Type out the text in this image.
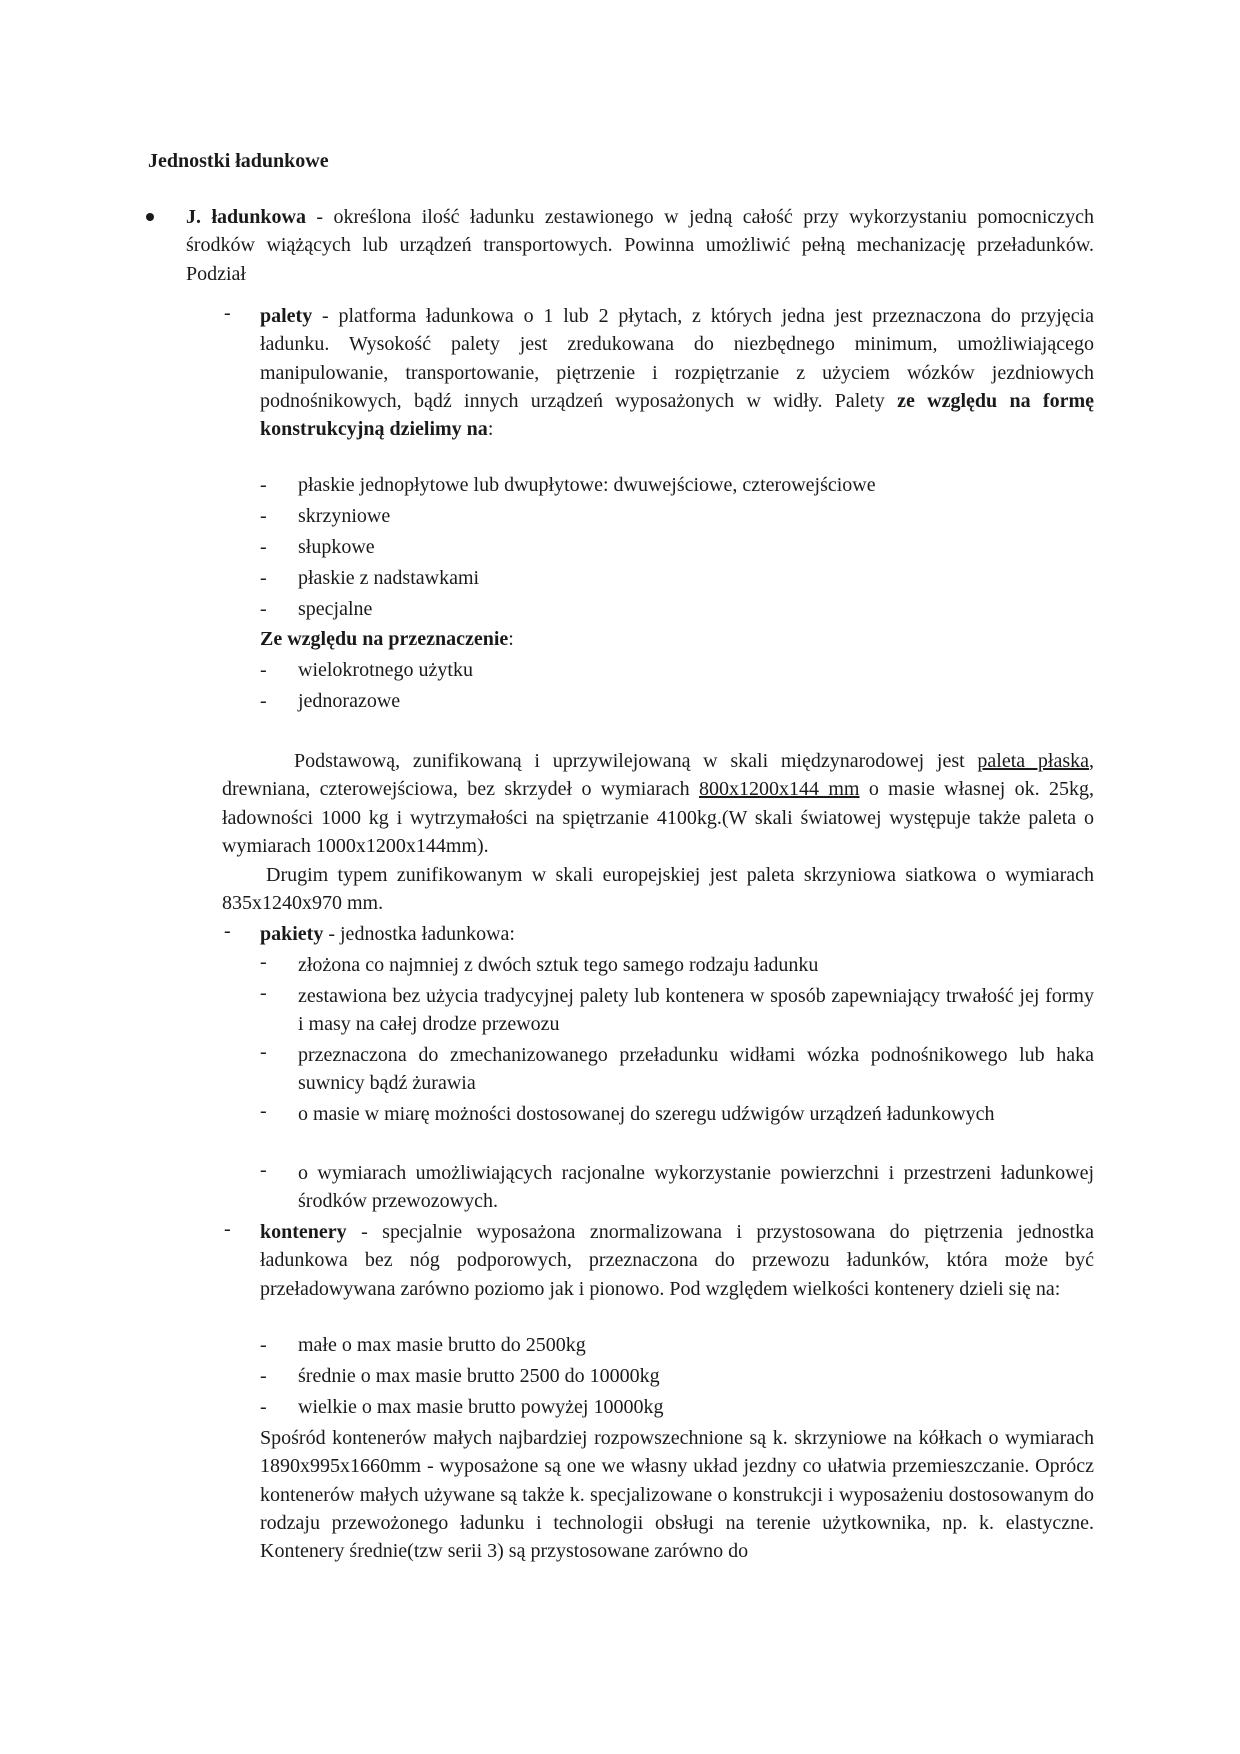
Jednostki ładunkowe
J. ładunkowa - określona ilość ładunku zestawionego w jedną całość przy wykorzystaniu pomocniczych środków wiążących lub urządzeń transportowych. Powinna umożliwić pełną mechanizację przeładunków. Podział
-	palety - platforma ładunkowa o 1 lub 2 płytach, z których jedna jest przeznaczona do przyjęcia ładunku. Wysokość palety jest zredukowana do niezbędnego minimum, umożliwiającego manipulowanie, transportowanie, piętrzenie i rozpiętrzanie z użyciem wózków jezdniowych podnośnikowych, bądź innych urządzeń wyposażonych w widły. Palety ze względu na formę konstrukcyjną dzielimy na:
- płaskie jednopłytowe lub dwupłytowe: dwuwejściowe, czterowejściowe
- skrzyniowe
- słupkowe
- płaskie z nadstawkami
- specjalne
Ze względu na przeznaczenie:
- wielokrotnego użytku
- jednorazowe
Podstawową, zunifikowaną i uprzywilejowaną w skali międzynarodowej jest paleta płaska, drewniana, czterowejściowa, bez skrzydeł o wymiarach 800x1200x144 mm o masie własnej ok. 25kg, ładowności 1000 kg i wytrzymałości na spiętrzanie 4100kg.(W skali światowej występuje także paleta o wymiarach 1000x1200x144mm).
Drugim typem zunifikowanym w skali europejskiej jest paleta skrzyniowa siatkowa o wymiarach 835x1240x970 mm.
-	pakiety - jednostka ładunkowa:
-	złożona co najmniej z dwóch sztuk tego samego rodzaju ładunku
-	zestawiona bez użycia tradycyjnej palety lub kontenera w sposób zapewniający trwałość jej formy i masy na całej drodze przewozu
-	przeznaczona do zmechanizowanego przeładunku widłami wózka podnośnikowego lub haka suwnicy bądź żurawia
-	o masie w miarę możności dostosowanej do szeregu udźwigów urządzeń ładunkowych
-	o wymiarach umożliwiających racjonalne wykorzystanie powierzchni i przestrzeni ładunkowej środków przewozowych.
-	kontenery - specjalnie wyposażona znormalizowana i przystosowana do piętrzenia jednostka ładunkowa bez nóg podporowych, przeznaczona do przewozu ładunków, która może być przeładowywana zarówno poziomo jak i pionowo. Pod względem wielkości kontenery dzieli się na:
- małe o max masie brutto do 2500kg
- średnie o max masie brutto 2500 do 10000kg
- wielkie o max masie brutto powyżej 10000kg
Spośród kontenerów małych najbardziej rozpowszechnione są k. skrzyniowe na kółkach o wymiarach 1890x995x1660mm - wyposażone są one we własny układ jezdny co ułatwia przemieszczanie. Oprócz kontenerów małych używane są także k. specjalizowane o konstrukcji i wyposażeniu dostosowanym do rodzaju przewożonego ładunku i technologii obsługi na terenie użytkownika, np. k. elastyczne. Kontenery średnie(tzw serii 3) są przystosowane zarówno do
